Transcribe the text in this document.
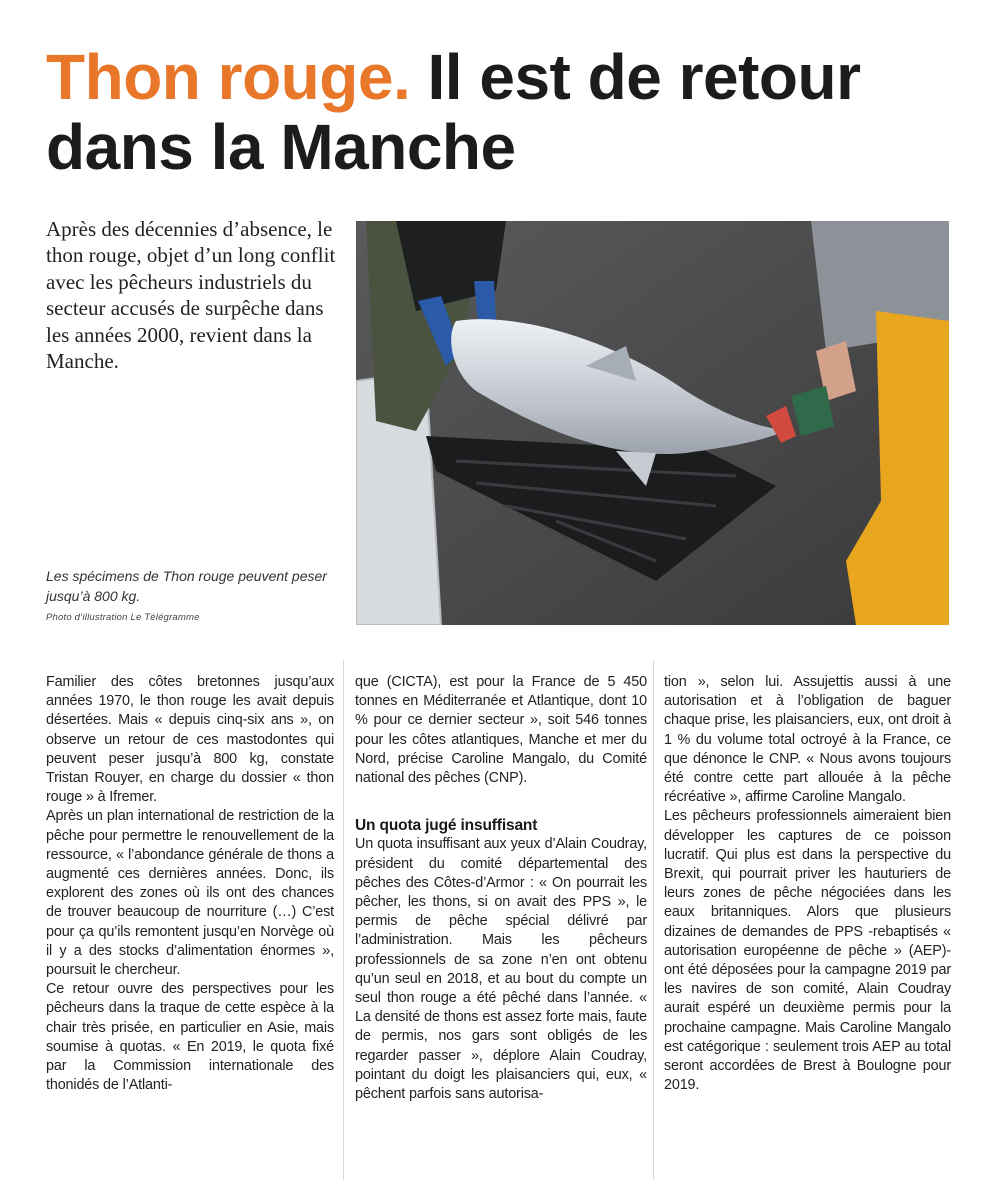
Thon rouge. Il est de retour dans la Manche

Après des décennies d’absence, le thon rouge, objet d’un long conflit avec les pêcheurs industriels du secteur accusés de surpêche dans les années 2000, revient dans la Manche.

Les spécimens de Thon rouge peuvent peser jusqu’à 800 kg.

Photo d’illustration Le Télégramme

Familier des côtes bretonnes jusqu’aux années 1970, le thon rouge les avait depuis désertées. Mais « depuis cinq-six ans », on observe un retour de ces mastodontes qui peuvent peser jusqu’à 800 kg, constate Tristan Rouyer, en charge du dossier « thon rouge » à Ifremer.

Après un plan international de restriction de la pêche pour permettre le renouvellement de la ressource, « l’abondance générale de thons a augmenté ces dernières années. Donc, ils explorent des zones où ils ont des chances de trouver beaucoup de nourriture (…) C’est pour ça qu’ils remontent jusqu’en Norvège où il y a des stocks d’alimentation énormes », poursuit le chercheur.

Ce retour ouvre des perspectives pour les pêcheurs dans la traque de cette espèce à la chair très prisée, en particulier en Asie, mais soumise à quotas. « En 2019, le quota fixé par la Commission internationale des thonidés de l’Atlanti-

que (CICTA), est pour la France de 5 450 tonnes en Méditerranée et Atlantique, dont 10 % pour ce dernier secteur », soit 546 tonnes pour les côtes atlantiques, Manche et mer du Nord, précise Caroline Mangalo, du Comité national des pêches (CNP).

Un quota jugé insuffisant

Un quota insuffisant aux yeux d’Alain Coudray, président du comité départemental des pêches des Côtes-d’Armor : « On pourrait les pêcher, les thons, si on avait des PPS », le permis de pêche spécial délivré par l’administration. Mais les pêcheurs professionnels de sa zone n’en ont obtenu qu’un seul en 2018, et au bout du compte un seul thon rouge a été pêché dans l’année. « La densité de thons est assez forte mais, faute de permis, nos gars sont obligés de les regarder passer », déplore Alain Coudray, pointant du doigt les plaisanciers qui, eux, « pêchent parfois sans autorisa-

tion », selon lui. Assujettis aussi à une autorisation et à l’obligation de baguer chaque prise, les plaisanciers, eux, ont droit à 1 % du volume total octroyé à la France, ce que dénonce le CNP. « Nous avons toujours été contre cette part allouée à la pêche récréative », affirme Caroline Mangalo.

Les pêcheurs professionnels aimeraient bien développer les captures de ce poisson lucratif. Qui plus est dans la perspective du Brexit, qui pourrait priver les hauturiers de leurs zones de pêche négociées dans les eaux britanniques. Alors que plusieurs dizaines de demandes de PPS -rebaptisés « autorisation européenne de pêche » (AEP)- ont été déposées pour la campagne 2019 par les navires de son comité, Alain Coudray aurait espéré un deuxième permis pour la prochaine campagne. Mais Caroline Mangalo est catégorique : seulement trois AEP au total seront accordées de Brest à Boulogne pour 2019.
